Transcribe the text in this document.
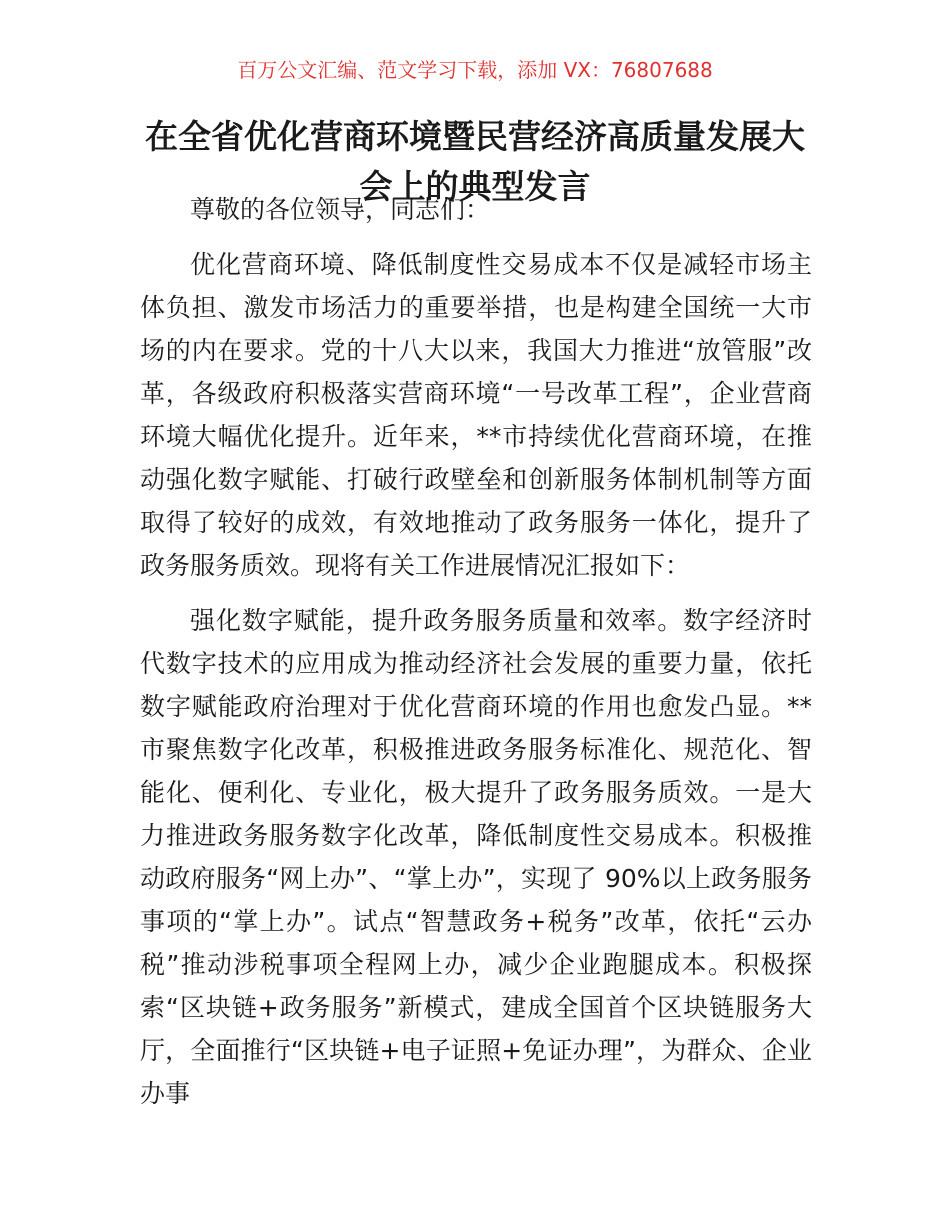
百万公文汇编、范文学习下载，添加 VX：76807688
在全省优化营商环境暨民营经济高质量发展大会上的典型发言

尊敬的各位领导，同志们：

优化营商环境、降低制度性交易成本不仅是减轻市场主体负担、激发市场活力的重要举措，也是构建全国统一大市场的内在要求。党的十八大以来，我国大力推进“放管服”改革，各级政府积极落实营商环境“一号改革工程”，企业营商环境大幅优化提升。近年来，**市持续优化营商环境，在推动强化数字赋能、打破行政壁垒和创新服务体制机制等方面取得了较好的成效，有效地推动了政务服务一体化，提升了政务服务质效。现将有关工作进展情况汇报如下：

强化数字赋能，提升政务服务质量和效率。数字经济时代数字技术的应用成为推动经济社会发展的重要力量，依托数字赋能政府治理对于优化营商环境的作用也愈发凸显。**市聚焦数字化改革，积极推进政务服务标准化、规范化、智能化、便利化、专业化，极大提升了政务服务质效。一是大力推进政务服务数字化改革，降低制度性交易成本。积极推动政府服务“网上办”、“掌上办”，实现了 90%以上政务服务事项的“掌上办”。试点“智慧政务+税务”改革，依托“云办税”推动涉税事项全程网上办，减少企业跑腿成本。积极探索“区块链+政务服务”新模式，建成全国首个区块链服务大厅，全面推行“区块链+电子证照+免证办理”，为群众、企业办事
